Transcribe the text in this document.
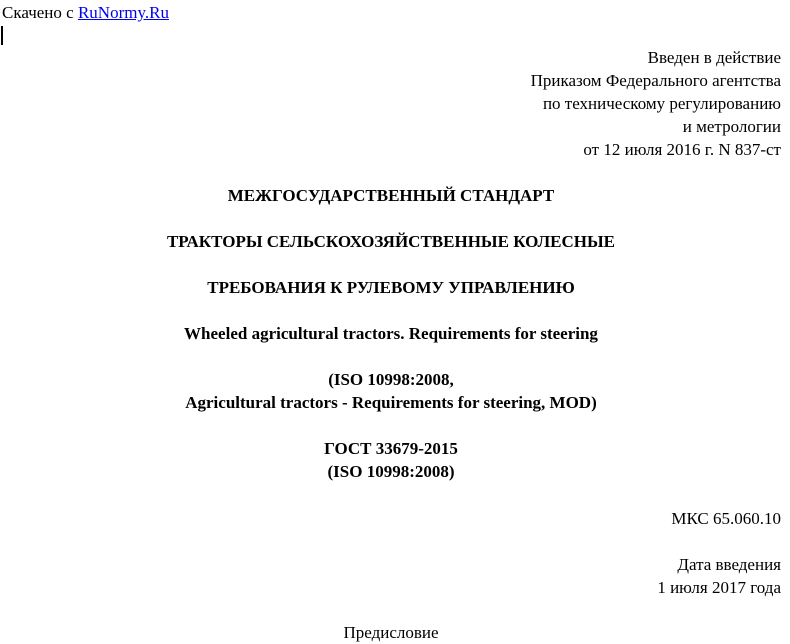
Скачено с RuNormy.Ru
Введен в действие
Приказом Федерального агентства
по техническому регулированию
и метрологии
от 12 июля 2016 г. N 837-ст
МЕЖГОСУДАРСТВЕННЫЙ СТАНДАРТ
ТРАКТОРЫ СЕЛЬСКОХОЗЯЙСТВЕННЫЕ КОЛЕСНЫЕ
ТРЕБОВАНИЯ К РУЛЕВОМУ УПРАВЛЕНИЮ
Wheeled agricultural tractors. Requirements for steering
(ISO 10998:2008,
Agricultural tractors - Requirements for steering, MOD)
ГОСТ 33679-2015
(ISO 10998:2008)
МКС 65.060.10
Дата введения
1 июля 2017 года
Предисловие
